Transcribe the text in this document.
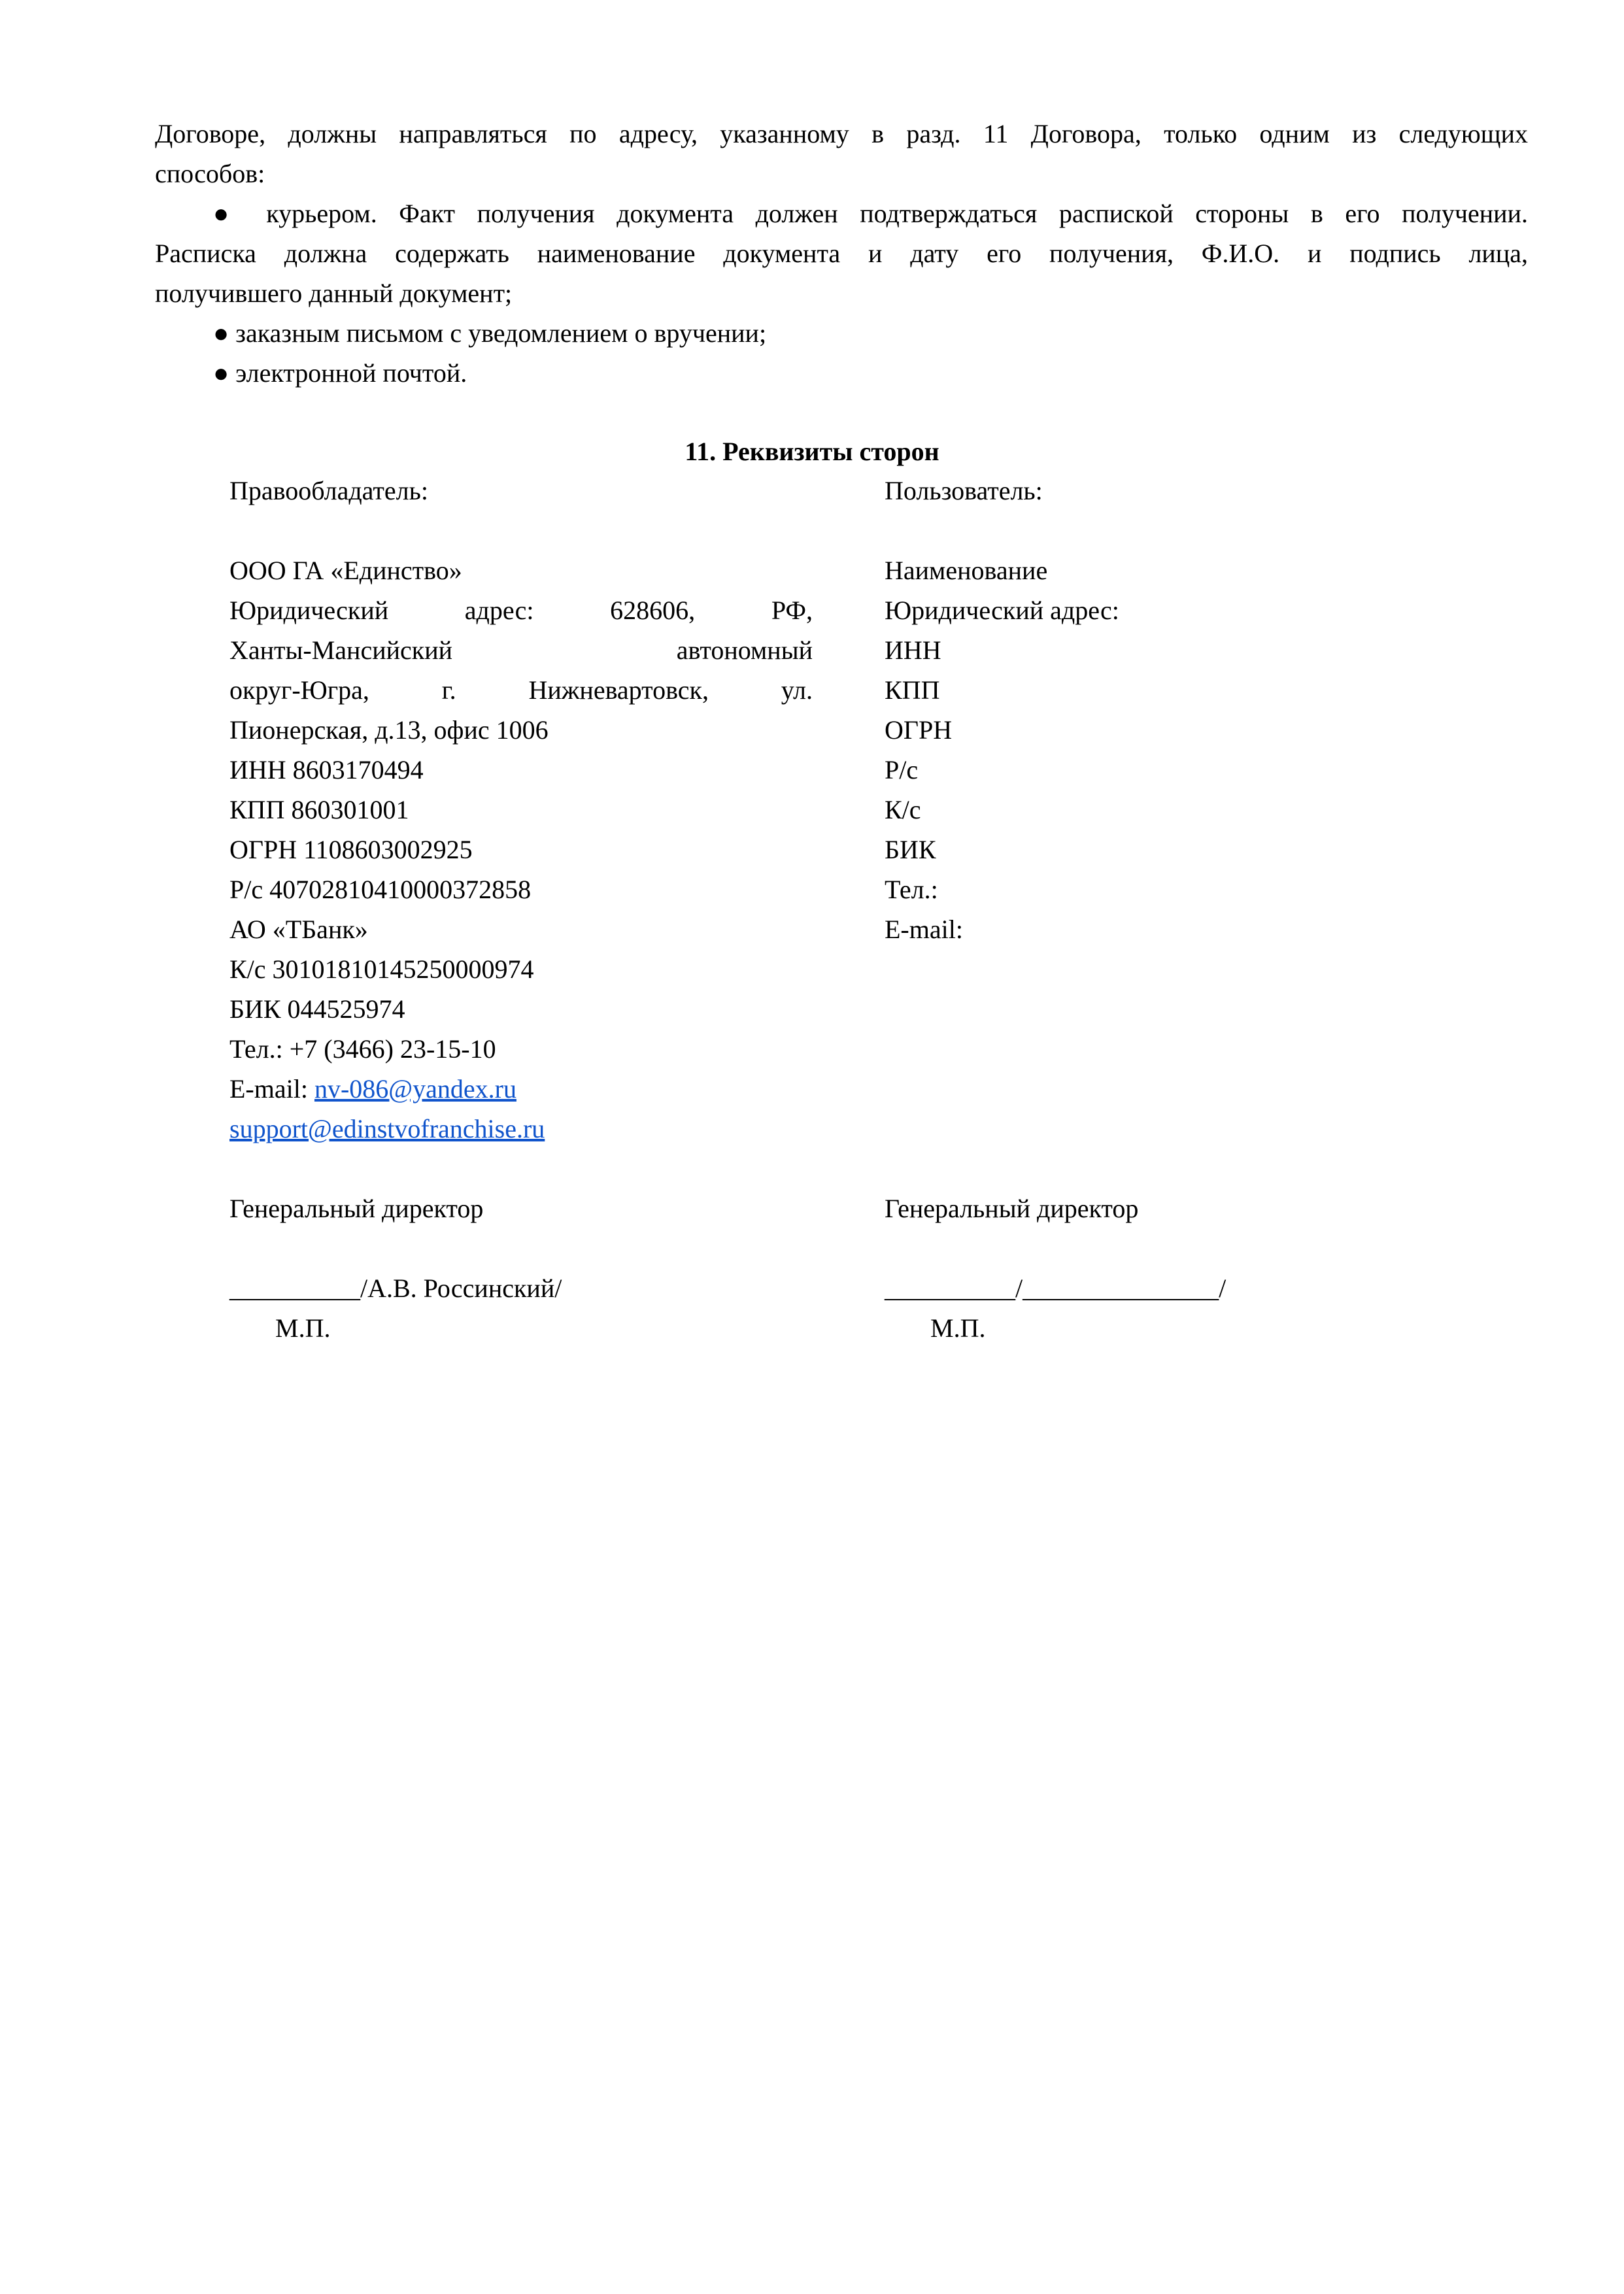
Договоре, должны направляться по адресу, указанному в разд. 11 Договора, только одним из следующих

способов:

● курьером. Факт получения документа должен подтверждаться распиской стороны в его получении.

Расписка должна содержать наименование документа и дату его получения, Ф.И.О. и подпись лица,

получившего данный документ;

● заказным письмом с уведомлением о вручении;

● электронной почтой.

11. Реквизиты сторон

Правообладатель:

ООО ГА «Единство»

Юридический адрес: 628606, РФ,

Ханты-Мансийский автономный

округ-Югра, г. Нижневартовск, ул.

Пионерская, д.13, офис 1006

ИНН 8603170494

КПП 860301001

ОГРН 1108603002925

Р/с 40702810410000372858

АО «ТБанк»

К/с 30101810145250000974

БИК 044525974

Тел.: +7 (3466) 23-15-10

E-mail: nv-086@yandex.ru

support@edinstvofranchise.ru

Генеральный директор

__________/А.В. Россинский/

М.П.

Пользователь:

Наименование

Юридический адрес:

ИНН

КПП

ОГРН

Р/с

К/с

БИК

Тел.:

E-mail:

Генеральный директор

__________/_______________/

М.П.
